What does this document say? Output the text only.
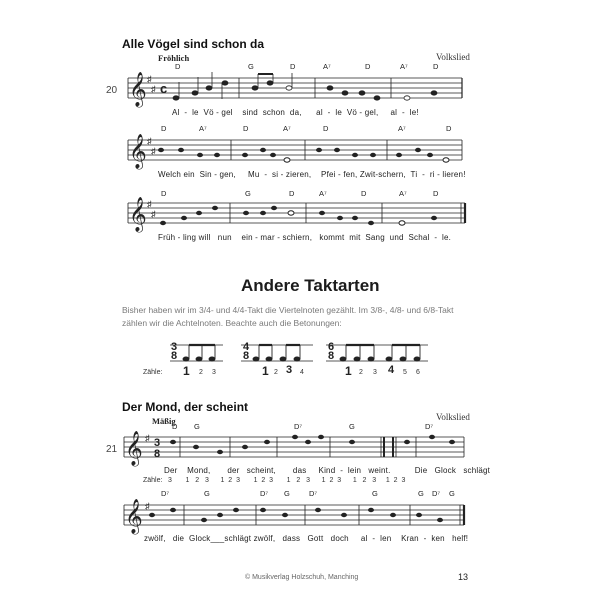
Alle Vögel sind schon da
Volkslied
Fröhlich
20
D	G	D	A⁷	D	A⁷	D
D	A⁷	D	A⁷	D	A⁷	D
D	G	D	A⁷	D	A⁷	D
𝄞
𝄞
𝄞
♯
♯
♯
♯
♯
♯
c
𝄞
𝄞
♯
♯
3
8
Al  -  le  Vö - gel    sind  schon  da,      al  -  le  Vö - gel,     al  -  le!
Welch ein  Sin - gen,     Mu  -  si - zieren,    Pfei - fen, Zwit-schern,  Ti  -  ri - lieren!
Früh - ling will   nun    ein - mar - schiern,   kommt  mit  Sang  und  Schal  -  le.
Andere Taktarten
Bisher haben wir im 3/4- und 4/4-Takt die Viertelnoten gezählt. Im 3/8-, 4/8- und 6/8-Takt zählen wir die Achtelnoten. Beachte auch die Betonungen:
3
8
4
8
6
8
Zähle: 1 2 3	1 2 3 4	1 2 3 4 5 6
Der Mond, der scheint
Volkslied
Mäßig
21
D G	D⁷	G	D⁷
Der    Mond,       der   scheint,       das     Kind  -  lein   weint.          Die   Glock   schlägt
Zähle: 3       1   2   3      1  2  3       1  2  3       1   2   3      1  2  3      1   2   3     1  2  3
D⁷	G	D⁷ G	D⁷	G	G D⁷ G
zwölf,   die  Glock___schlägt zwölf,   dass   Gott   doch     al  -  len    Kran  -  ken   helf!
© Musikverlag Holzschuh, Manching	13
